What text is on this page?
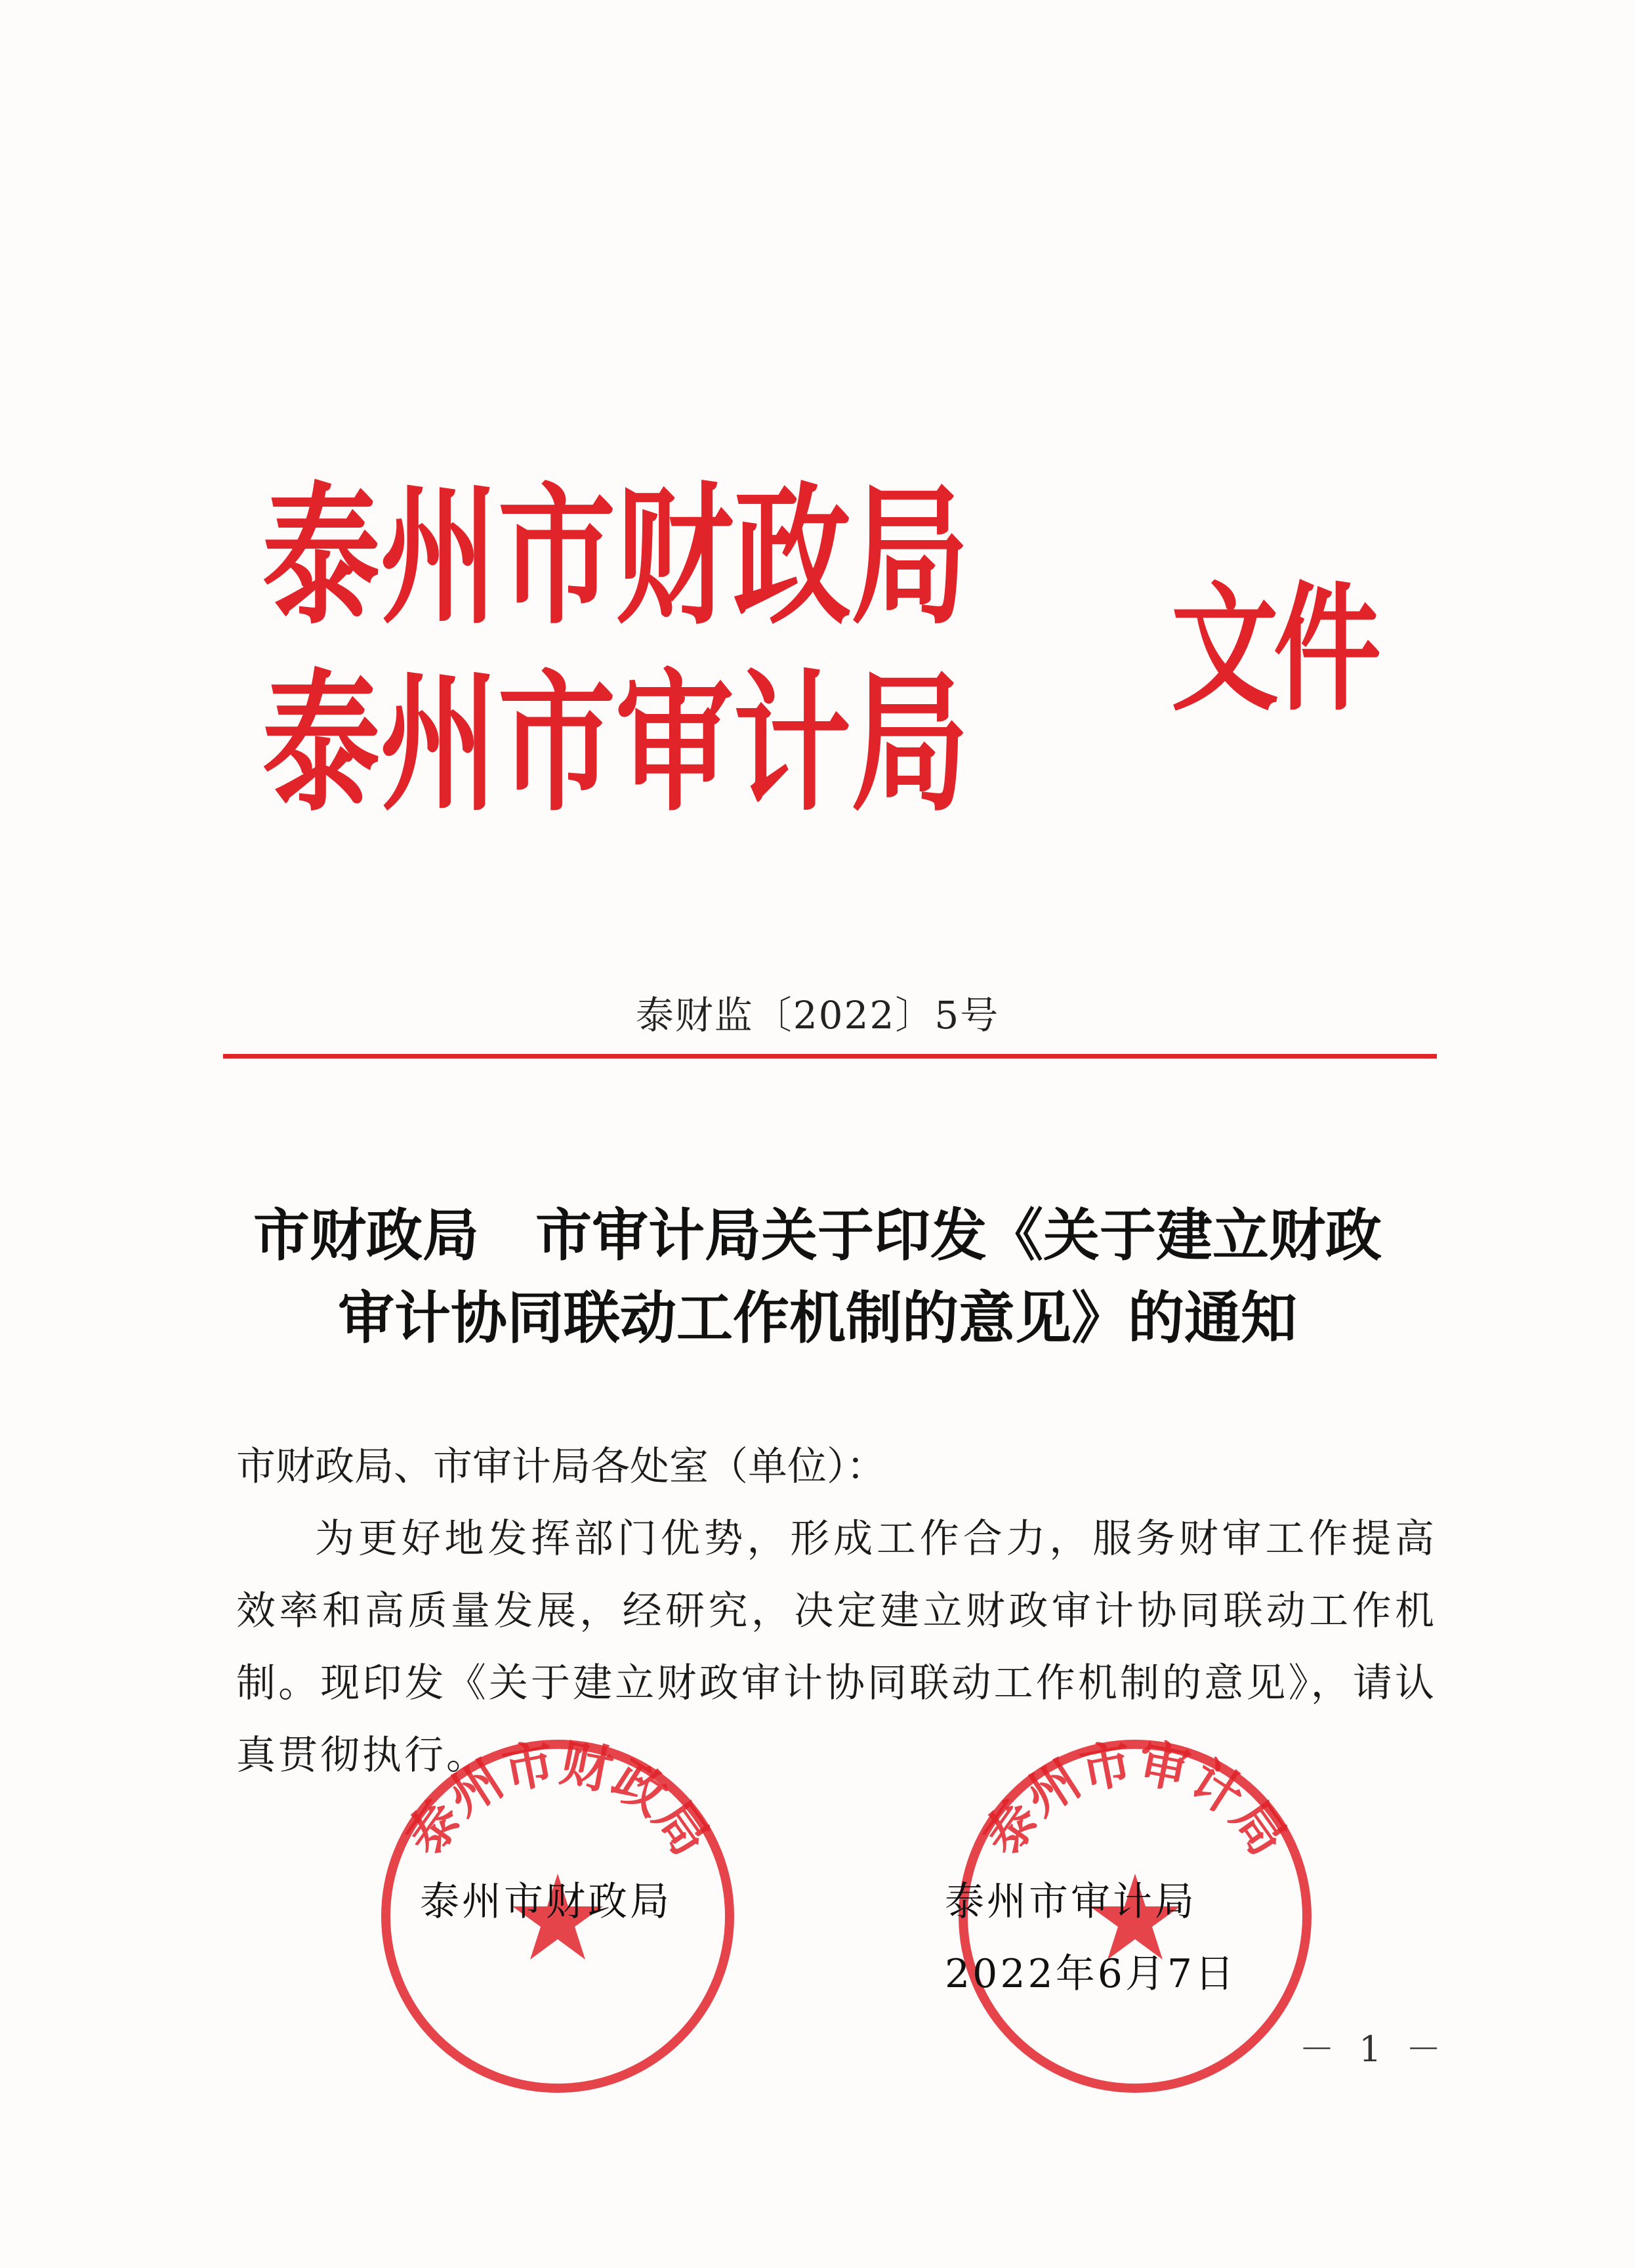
泰 州 市 财 政 局
泰 州 市 审 计 局
文件
泰财监〔2022〕5号
市财政局　市审计局关于印发《关于建立财政
审计协同联动工作机制的意见》的通知
市财政局、市审计局各处室（单位）：
为更好地发挥部门优势，形成工作合力，服务财审工作提高效率和高质量发展，经研究，决定建立财政审计协同联动工作机制。现印发《关于建立财政审计协同联动工作机制的意见》，请认真贯彻执行。
泰州市财政局	泰州市审计局
泰州市财政局	泰州市审计局
2022年6月7日
－ 1 －
